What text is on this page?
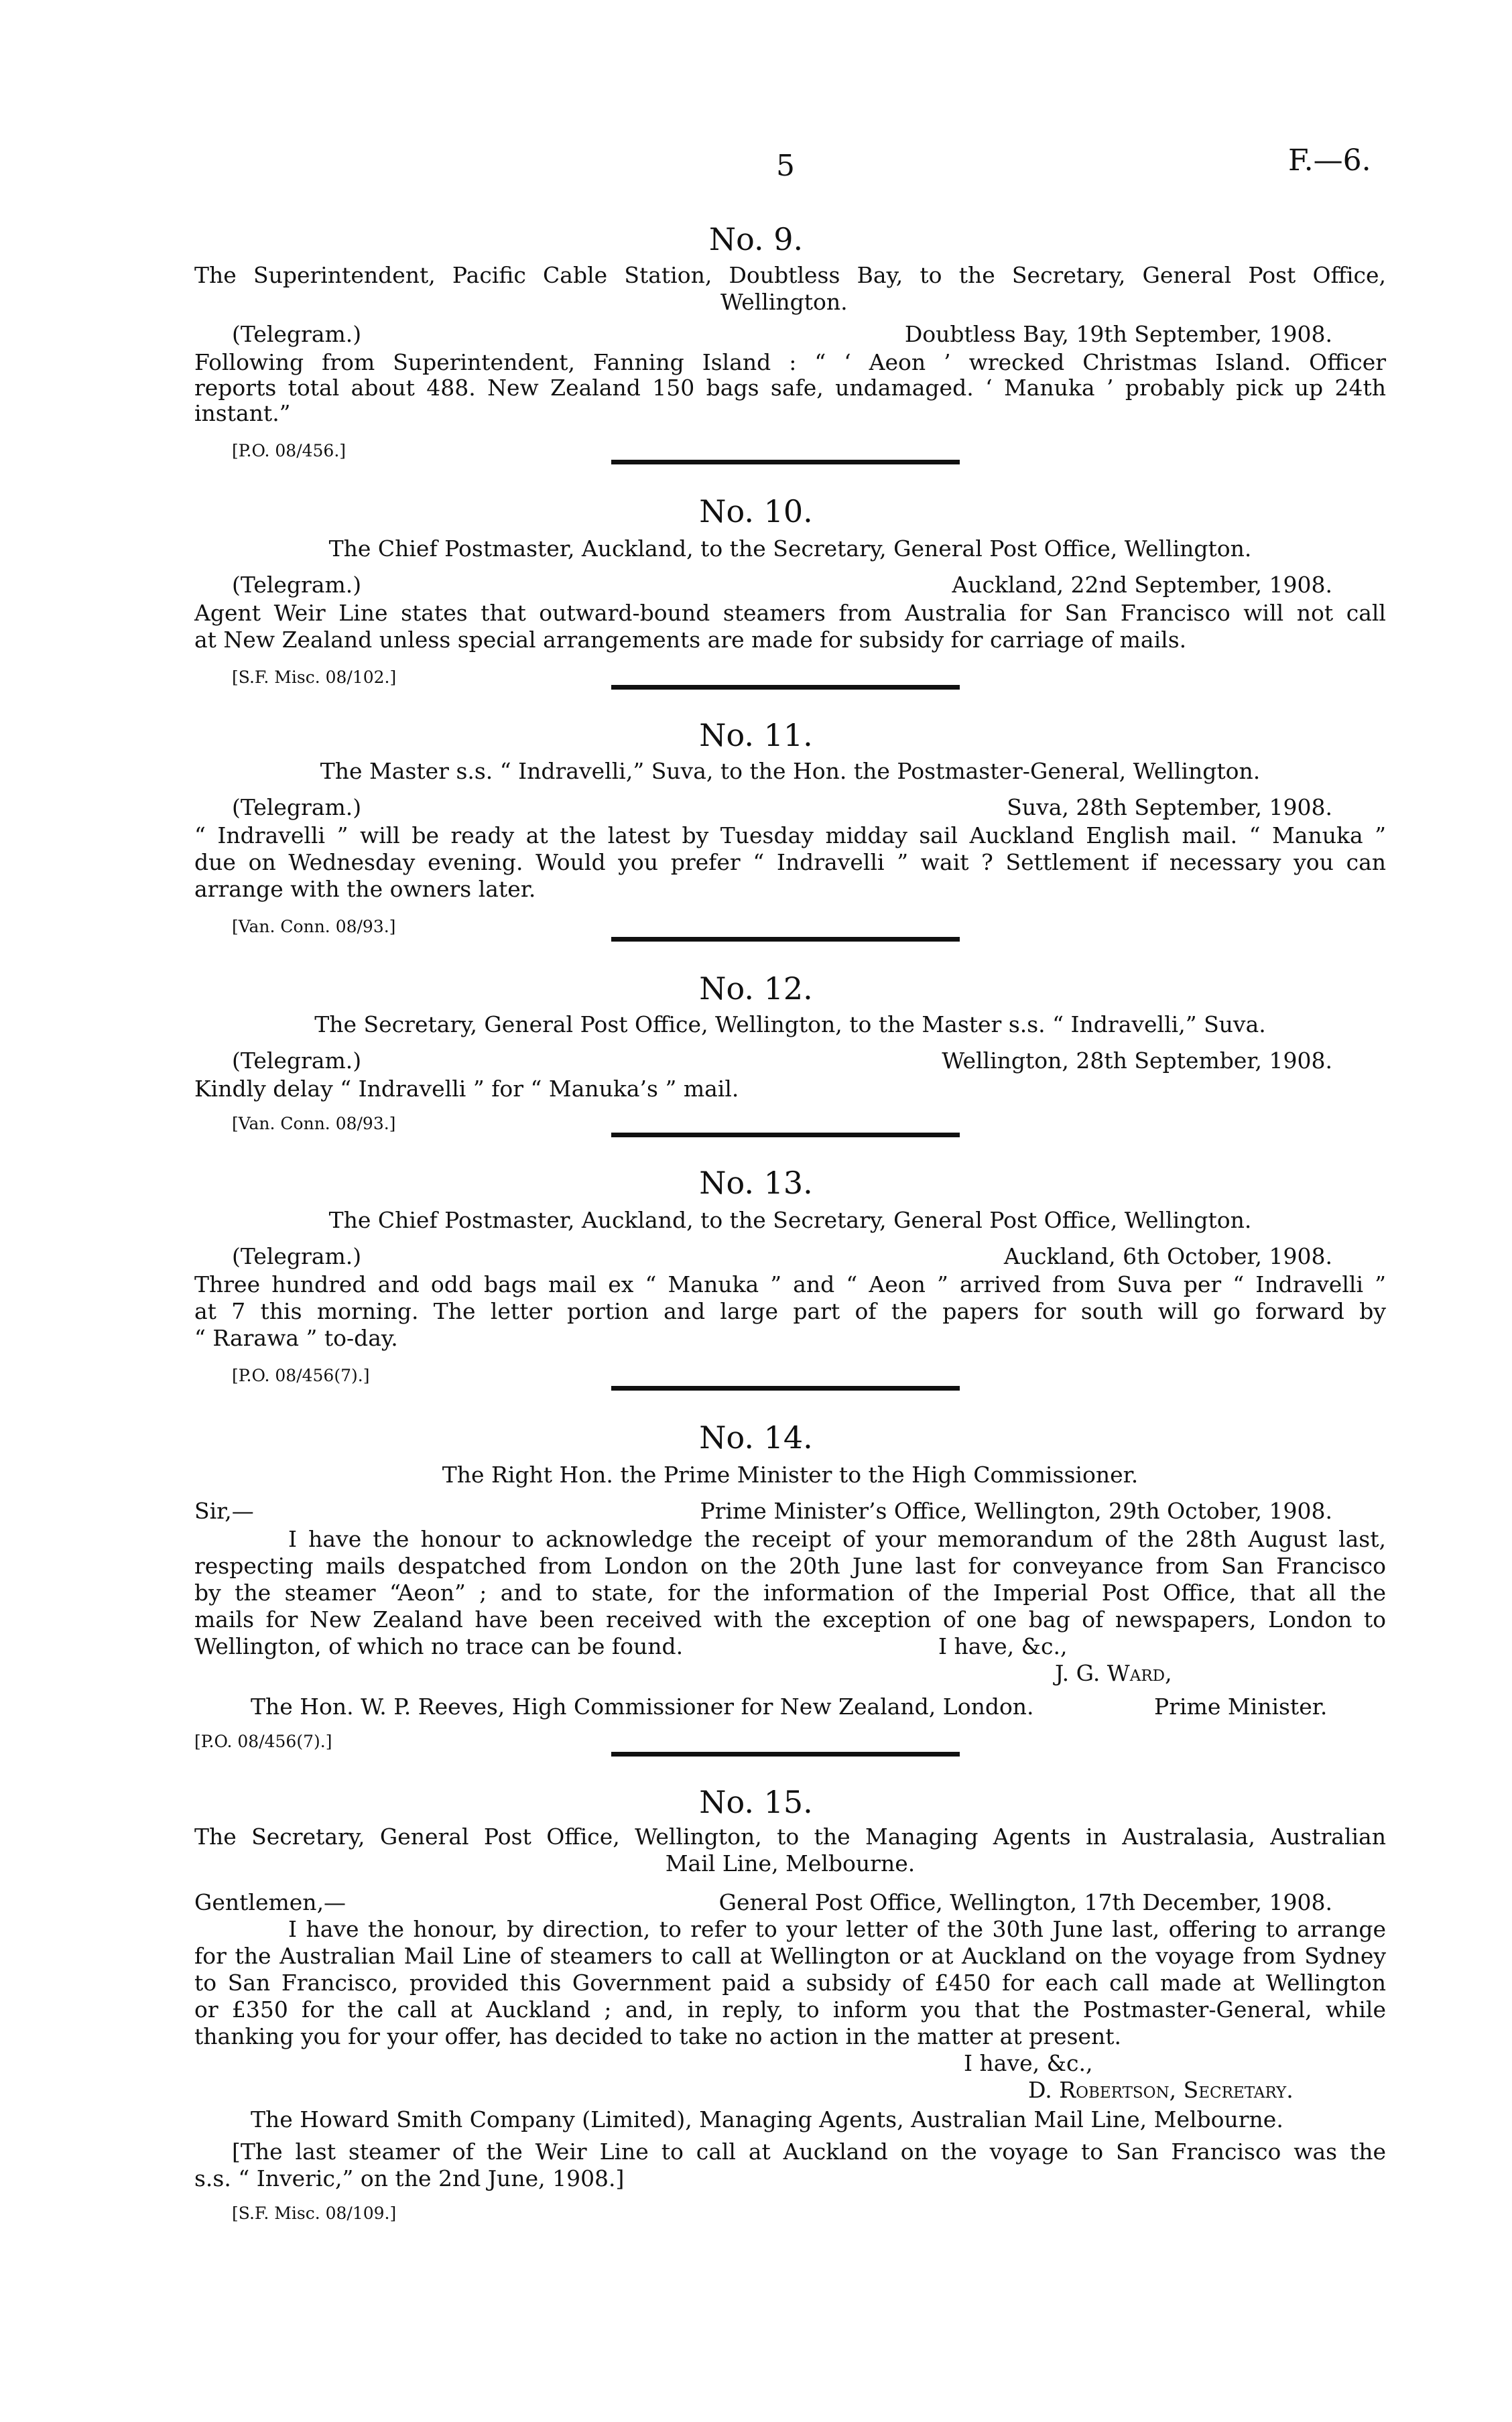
5	F.—6.
No. 9.
The Superintendent, Pacific Cable Station, Doubtless Bay, to the Secretary, General Post Office,
Wellington.
(Telegram.)	Doubtless Bay, 19th September, 1908.
Following from Superintendent, Fanning Island : “ ‘ Aeon ’ wrecked Christmas Island. Officer
reports total about 488. New Zealand 150 bags safe, undamaged. ‘ Manuka ’ probably pick up 24th
instant.”
[P.O. 08/456.]
No. 10.
The Chief Postmaster, Auckland, to the Secretary, General Post Office, Wellington.
(Telegram.)	Auckland, 22nd September, 1908.
Agent Weir Line states that outward-bound steamers from Australia for San Francisco will not call
at New Zealand unless special arrangements are made for subsidy for carriage of mails.
[S.F. Misc. 08/102.]
No. 11.
The Master s.s. “ Indravelli,” Suva, to the Hon. the Postmaster-General, Wellington.
(Telegram.)	Suva, 28th September, 1908.
“ Indravelli ” will be ready at the latest by Tuesday midday sail Auckland English mail. “ Manuka ”
due on Wednesday evening. Would you prefer “ Indravelli ” wait ? Settlement if necessary you can
arrange with the owners later.
[Van. Conn. 08/93.]
No. 12.
The Secretary, General Post Office, Wellington, to the Master s.s. “ Indravelli,” Suva.
(Telegram.)	Wellington, 28th September, 1908.
Kindly delay “ Indravelli ” for “ Manuka’s ” mail.
[Van. Conn. 08/93.]
No. 13.
The Chief Postmaster, Auckland, to the Secretary, General Post Office, Wellington.
(Telegram.)	Auckland, 6th October, 1908.
Three hundred and odd bags mail ex “ Manuka ” and “ Aeon ” arrived from Suva per “ Indravelli ”
at 7 this morning. The letter portion and large part of the papers for south will go forward by
“ Rarawa ” to-day.
[P.O. 08/456(7).]
No. 14.
The Right Hon. the Prime Minister to the High Commissioner.
Sir,—	Prime Minister’s Office, Wellington, 29th October, 1908.
I have the honour to acknowledge the receipt of your memorandum of the 28th August last,
respecting mails despatched from London on the 20th June last for conveyance from San Francisco
by the steamer “Aeon” ; and to state, for the information of the Imperial Post Office, that all the
mails for New Zealand have been received with the exception of one bag of newspapers, London to
Wellington, of which no trace can be found.	I have, &c.,
J. G. Ward,
The Hon. W. P. Reeves, High Commissioner for New Zealand, London.	Prime Minister.
[P.O. 08/456(7).]
No. 15.
The Secretary, General Post Office, Wellington, to the Managing Agents in Australasia, Australian
Mail Line, Melbourne.
Gentlemen,—	General Post Office, Wellington, 17th December, 1908.
I have the honour, by direction, to refer to your letter of the 30th June last, offering to arrange
for the Australian Mail Line of steamers to call at Wellington or at Auckland on the voyage from Sydney
to San Francisco, provided this Government paid a subsidy of £450 for each call made at Wellington
or £350 for the call at Auckland ; and, in reply, to inform you that the Postmaster-General, while
thanking you for your offer, has decided to take no action in the matter at present.
I have, &c.,
D. Robertson, Secretary.
The Howard Smith Company (Limited), Managing Agents, Australian Mail Line, Melbourne.
[The last steamer of the Weir Line to call at Auckland on the voyage to San Francisco was the
s.s. “ Inveric,” on the 2nd June, 1908.]
[S.F. Misc. 08/109.]
